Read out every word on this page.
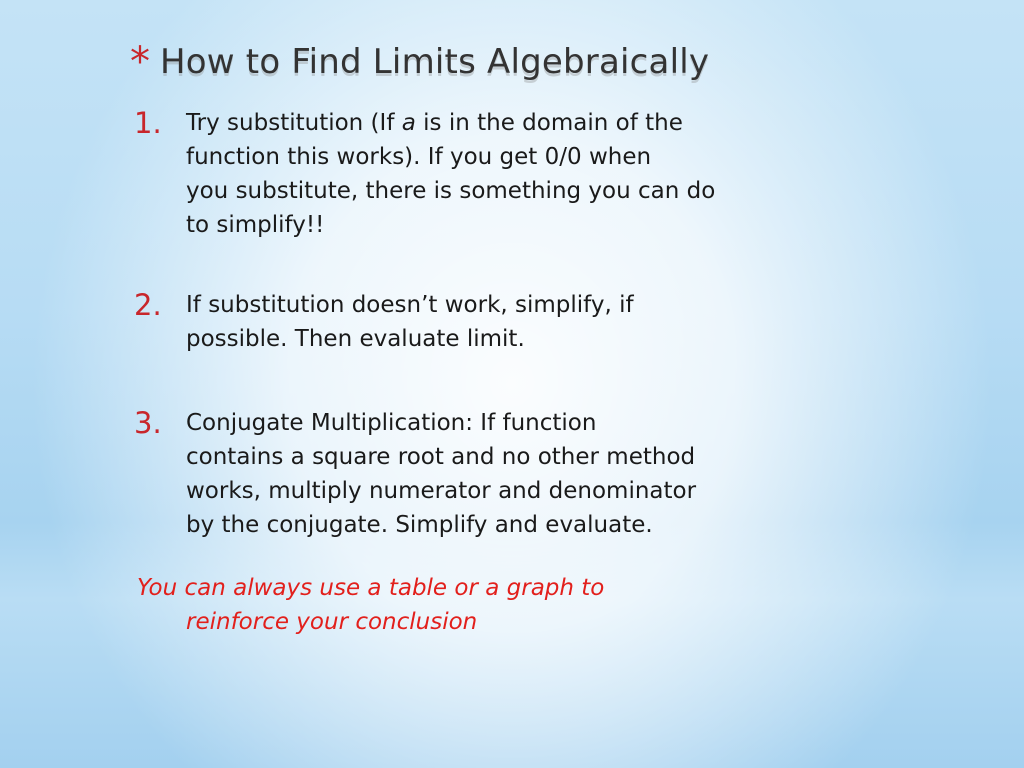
* How to Find Limits Algebraically
1.	Try substitution (If a is in the domain of the
function this works). If you get 0/0 when
you substitute, there is something you can do
to simplify!!
2.	If substitution doesn’t work, simplify, if
possible. Then evaluate limit.
3.	Conjugate Multiplication: If function
contains a square root and no other method
works, multiply numerator and denominator
by the conjugate. Simplify and evaluate.
You can always use a table or a graph to
reinforce your conclusion
